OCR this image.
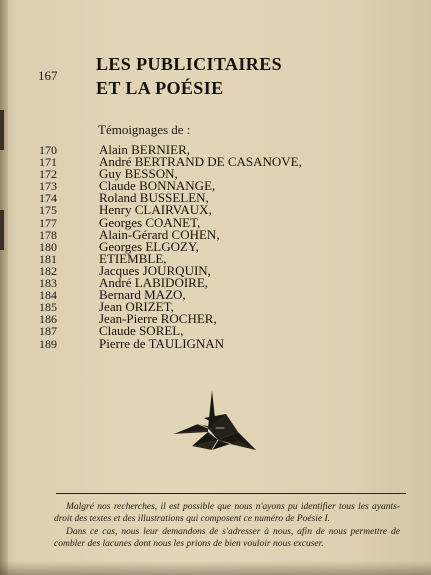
167
LES PUBLICITAIRES
ET LA POÉSIE
Témoignages de :
170	Alain BERNIER,
171	André BERTRAND DE CASANOVE,
172	Guy BESSON,
173	Claude BONNANGE,
174	Roland BUSSELEN,
175	Henry CLAIRVAUX,
177	Georges COANET,
178	Alain-Gérard COHEN,
180	Georges ELGOZY,
181	ETIEMBLE,
182	Jacques JOURQUIN,
183	André LABIDOIRE,
184	Bernard MAZO,
185	Jean ORIZET,
186	Jean-Pierre ROCHER,
187	Claude SOREL,
189	Pierre de TAULIGNAN

Malgré nos recherches, il est possible que nous n'ayons pu identifier tous les ayants-droit des textes et des illustrations qui composent ce numéro de Poésie I.

Dans ce cas, nous leur demandons de s'adresser à nous, afin de nous permettre de combler des lacunes dont nous les prions de bien vouloir nous excuser.
